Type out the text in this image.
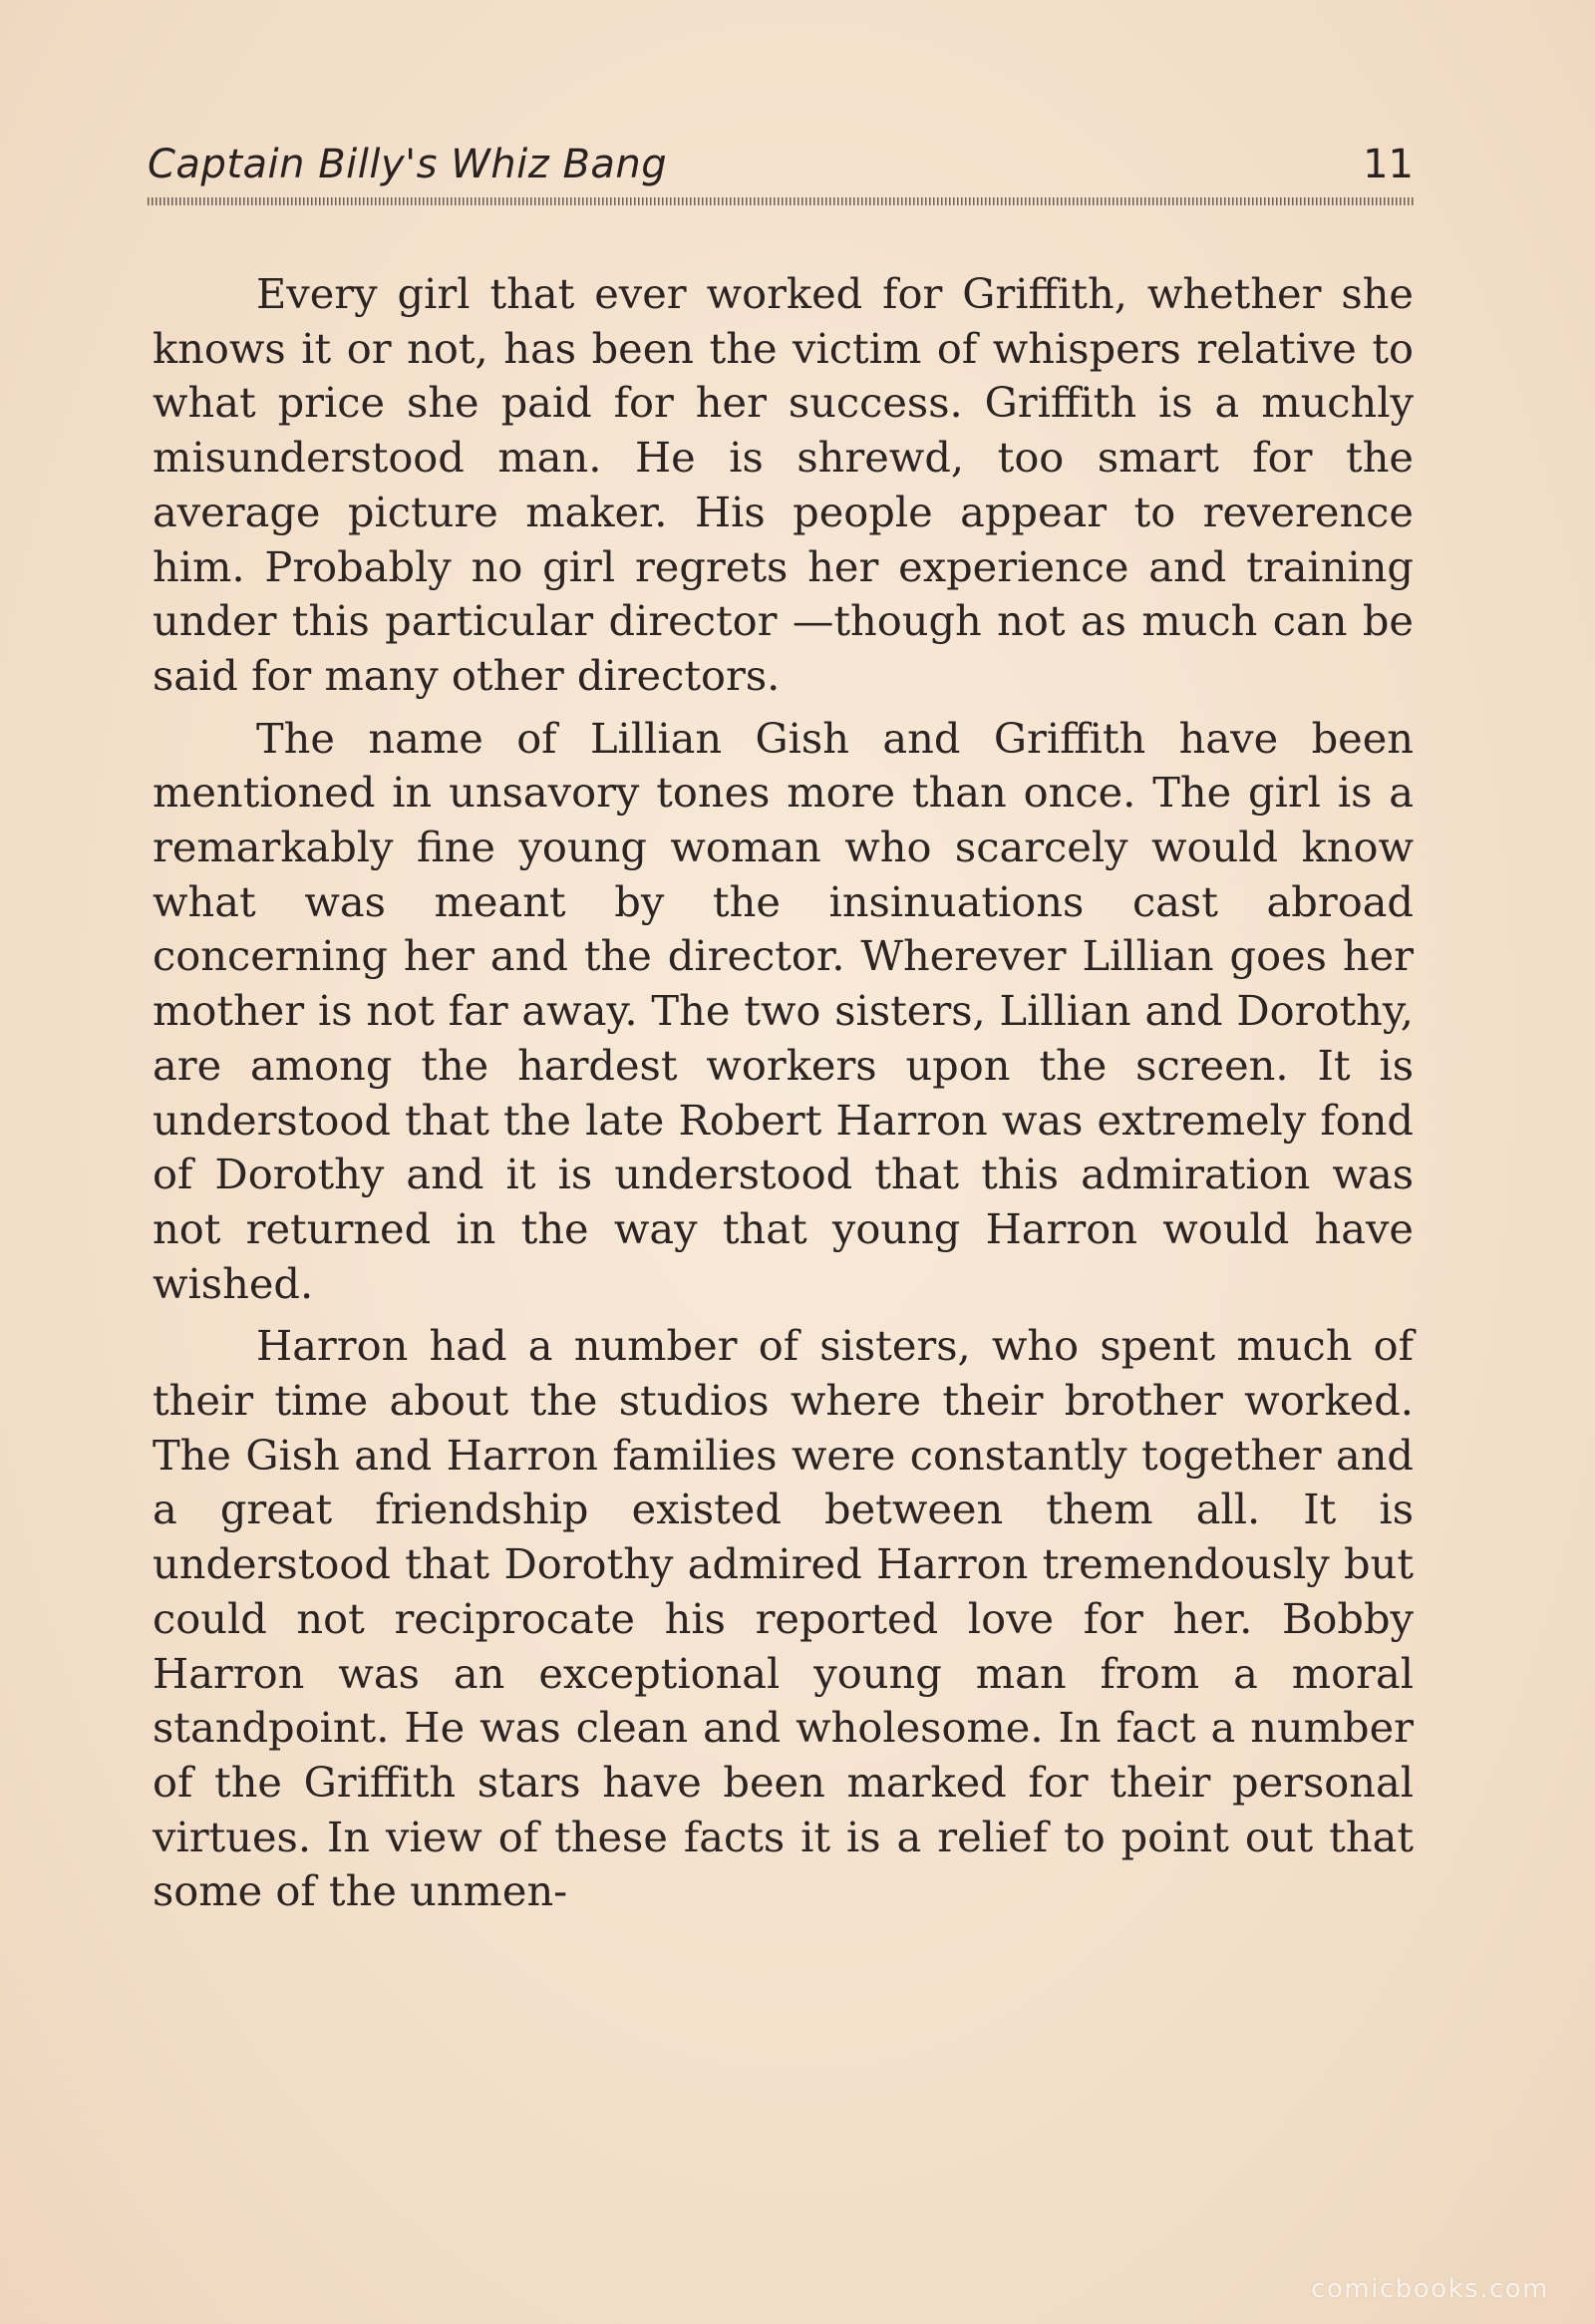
Captain Billy's Whiz Bang	11

Every girl that ever worked for Griffith, whether she knows it or not, has been the victim of whispers relative to what price she paid for her success. Griffith is a muchly misunderstood man. He is shrewd, too smart for the average picture maker. His people appear to reverence him. Probably no girl regrets her experience and training under this particular director —though not as much can be said for many other directors.

The name of Lillian Gish and Griffith have been mentioned in unsavory tones more than once. The girl is a remarkably fine young woman who scarcely would know what was meant by the insinuations cast abroad concerning her and the director. Wherever Lillian goes her mother is not far away. The two sisters, Lillian and Dorothy, are among the hardest workers upon the screen. It is understood that the late Robert Harron was extremely fond of Dorothy and it is understood that this admiration was not returned in the way that young Harron would have wished.

Harron had a number of sisters, who spent much of their time about the studios where their brother worked. The Gish and Harron families were constantly together and a great friendship existed between them all. It is understood that Dorothy admired Harron tremendously but could not reciprocate his reported love for her. Bobby Harron was an exceptional young man from a moral standpoint. He was clean and wholesome. In fact a number of the Griffith stars have been marked for their personal virtues. In view of these facts it is a relief to point out that some of the unmen-

comicbooks.com
